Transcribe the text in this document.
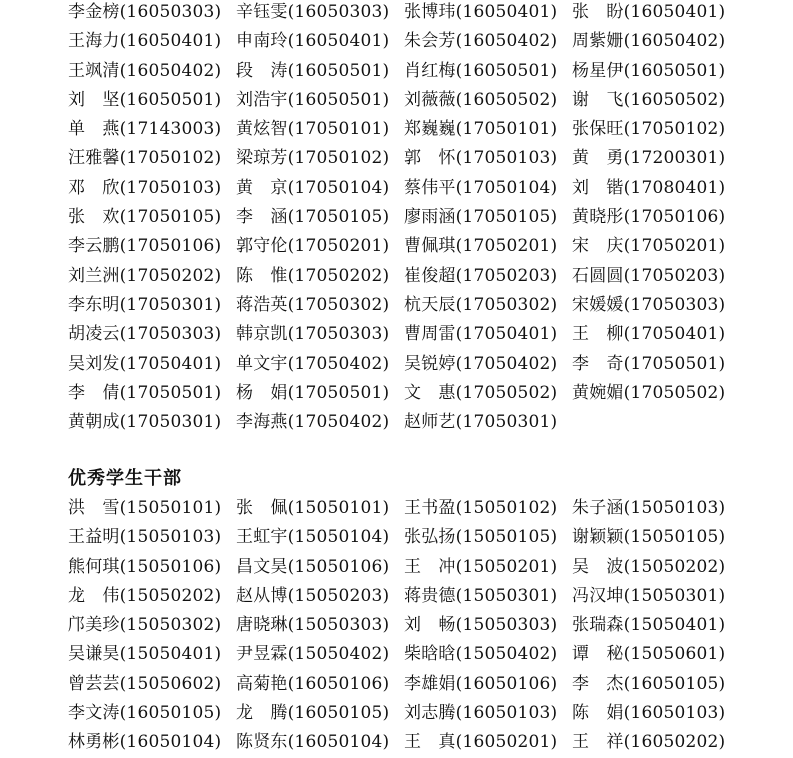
李金榜(16050303) 辛钰雯(16050303) 张博玮(16050401) 张　盼(16050401)
王海力(16050401) 申南玲(16050401) 朱会芳(16050402) 周紫姗(16050402)
王飒清(16050402) 段　涛(16050501) 肖红梅(16050501) 杨星伊(16050501)
刘　坚(16050501) 刘浩宇(16050501) 刘薇薇(16050502) 谢　飞(16050502)
单　燕(17143003) 黄炫智(17050101) 郑巍巍(17050101) 张保旺(17050102)
汪雅馨(17050102) 梁琼芳(17050102) 郭　怀(17050103) 黄　勇(17200301)
邓　欣(17050103) 黄　京(17050104) 蔡伟平(17050104) 刘　锴(17080401)
张　欢(17050105) 李　涵(17050105) 廖雨涵(17050105) 黄晓彤(17050106)
李云鹏(17050106) 郭守伦(17050201) 曹佩琪(17050201) 宋　庆(17050201)
刘兰洲(17050202) 陈　惟(17050202) 崔俊超(17050203) 石圆圆(17050203)
李东明(17050301) 蒋浩英(17050302) 杭天辰(17050302) 宋媛媛(17050303)
胡凌云(17050303) 韩京凯(17050303) 曹周雷(17050401) 王　柳(17050401)
吴刘发(17050401) 单文宇(17050402) 吴锐婷(17050402) 李　奇(17050501)
李　倩(17050501) 杨　娟(17050501) 文　惠(17050502) 黄婉媚(17050502)
黄朝成(17050301) 李海燕(17050402) 赵师艺(17050301)
优秀学生干部
洪　雪(15050101) 张　佩(15050101) 王书盈(15050102) 朱子涵(15050103)
王益明(15050103) 王虹宇(15050104) 张弘扬(15050105) 谢颖颖(15050105)
熊何琪(15050106) 昌文昊(15050106) 王　冲(15050201) 吴　波(15050202)
龙　伟(15050202) 赵从博(15050203) 蒋贵德(15050301) 冯汉坤(15050301)
邝美珍(15050302) 唐晓琳(15050303) 刘　畅(15050303) 张瑞森(15050401)
吴谦昊(15050401) 尹昱霖(15050402) 柴晗晗(15050402) 谭　秘(15050601)
曾芸芸(15050602) 高菊艳(16050106) 李雄娟(16050106) 李　杰(16050105)
李文涛(16050105) 龙　腾(16050105) 刘志腾(16050103) 陈　娟(16050103)
林勇彬(16050104) 陈贤东(16050104) 王　真(16050201) 王　祥(16050202)
